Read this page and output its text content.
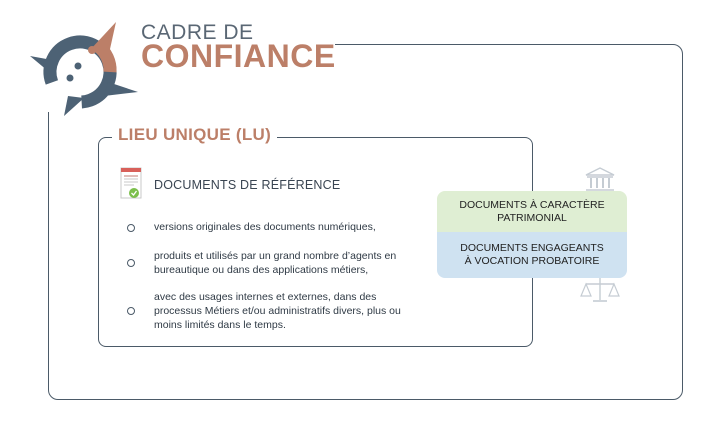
CADRE DE
CONFIANCE
LIEU UNIQUE (LU)
DOCUMENTS DE RÉFÉRENCE
versions originales des documents numériques,
produits et utilisés par un grand nombre d’agents en bureautique ou dans des applications métiers,
avec des usages internes et externes, dans des processus Métiers et/ou administratifs divers, plus ou moins limités dans le temps.
DOCUMENTS À CARACTÈRE
PATRIMONIAL
DOCUMENTS ENGAGEANTS
À VOCATION PROBATOIRE
